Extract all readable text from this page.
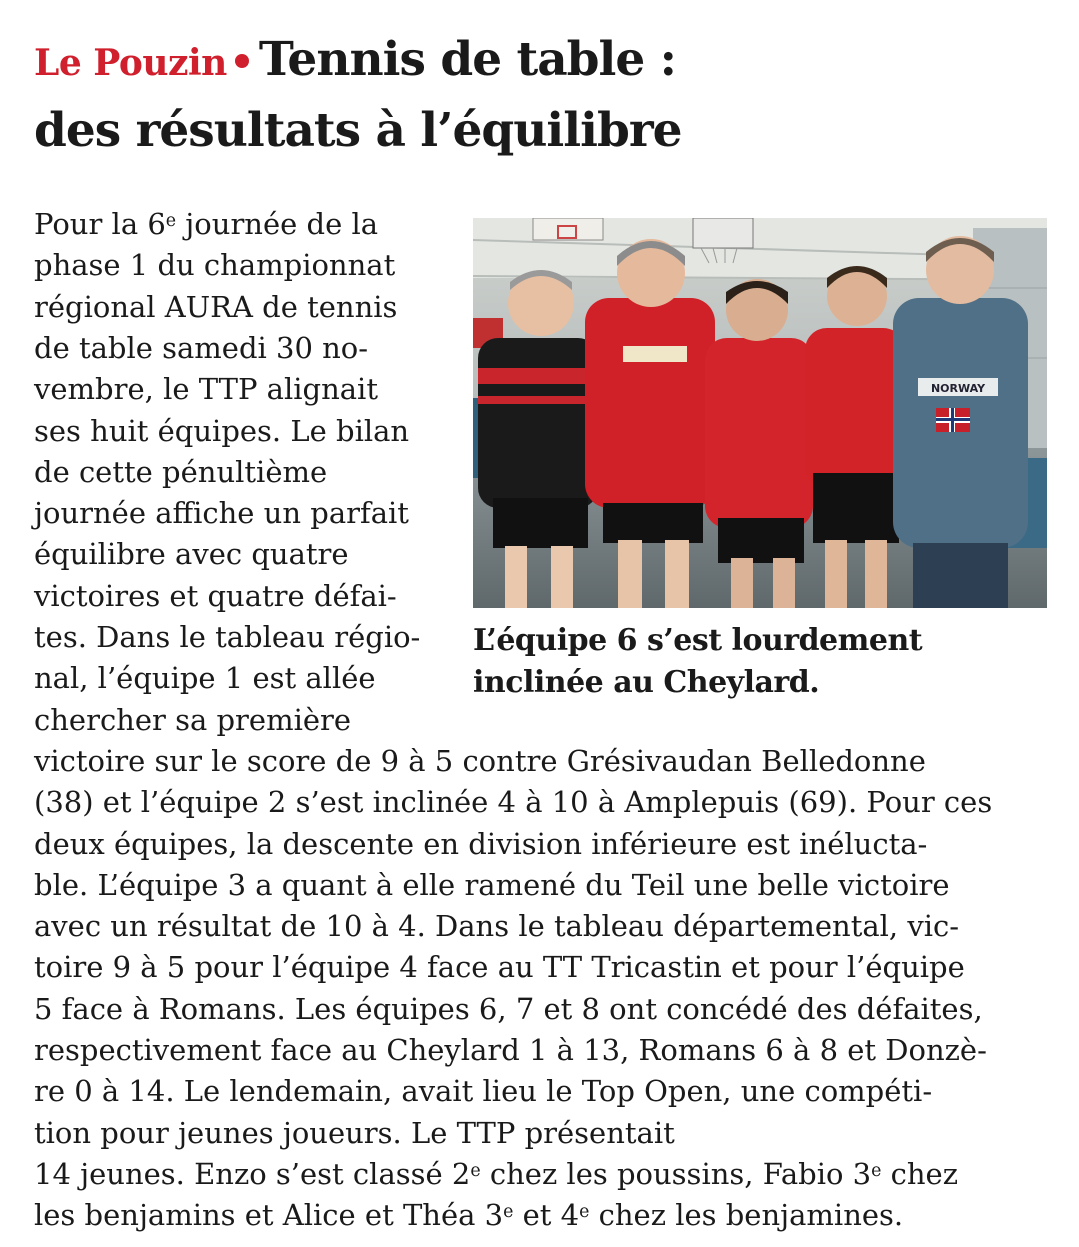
Le Pouzin Tennis de table :
des résultats à l’équilibre
NORWAY
L’équipe 6 s’est lourdement
inclinée au Cheylard.
Pour la 6e journée de la
phase 1 du championnat
régional AURA de tennis
de table samedi 30 no-
vembre, le TTP alignait
ses huit équipes. Le bilan
de cette pénultième
journée affiche un parfait
équilibre avec quatre
victoires et quatre défai-
tes. Dans le tableau régio-
nal, l’équipe 1 est allée
chercher sa première
victoire sur le score de 9 à 5 contre Grésivaudan Belledonne
(38) et l’équipe 2 s’est inclinée 4 à 10 à Amplepuis (69). Pour ces
deux équipes, la descente en division inférieure est inéluctа-
ble. L’équipe 3 a quant à elle ramené du Teil une belle victoire
avec un résultat de 10 à 4. Dans le tableau départemental, vic-
toire 9 à 5 pour l’équipe 4 face au TT Tricastin et pour l’équipe
5 face à Romans. Les équipes 6, 7 et 8 ont concédé des défaites,
respectivement face au Cheylard 1 à 13, Romans 6 à 8 et Donzè-
re 0 à 14. Le lendemain, avait lieu le Top Open, une compéti-
tion pour jeunes joueurs. Le TTP présentait
14 jeunes. Enzo s’est classé 2e chez les poussins, Fabio 3e chez
les benjamins et Alice et Théa 3e et 4e chez les benjamines.
